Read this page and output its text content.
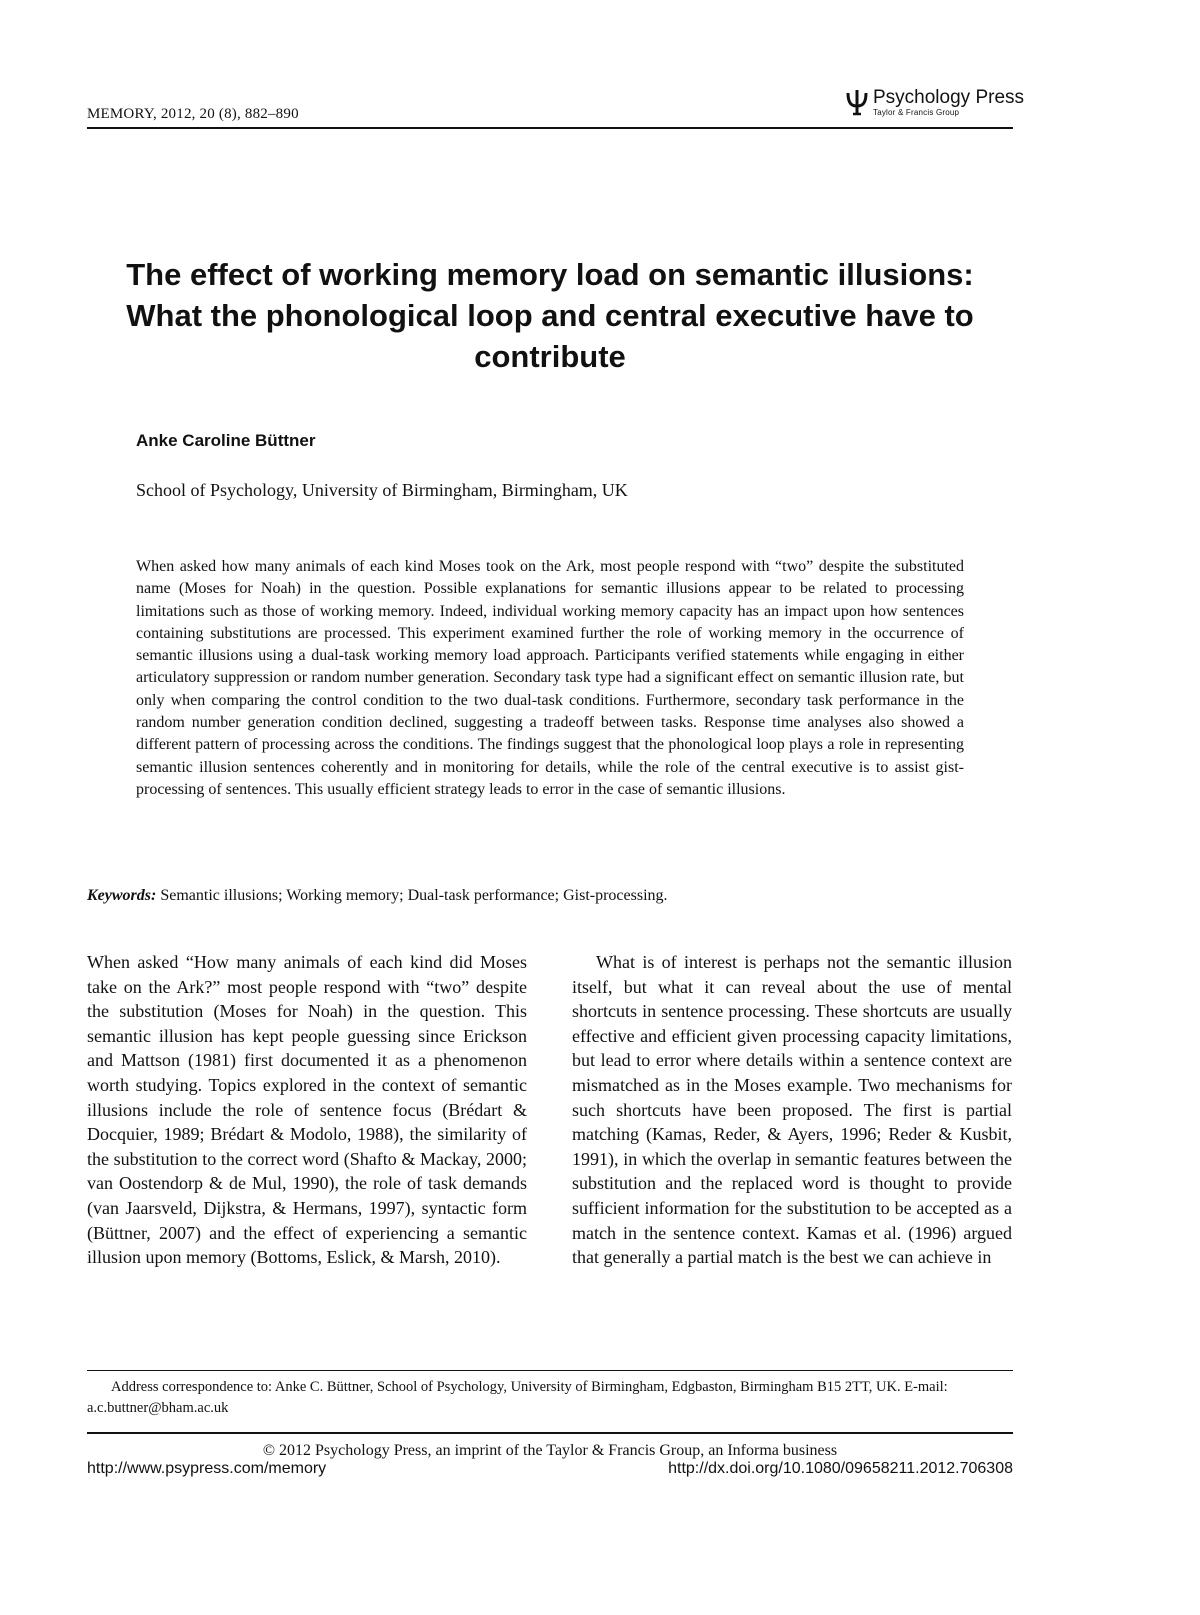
MEMORY, 2012, 20 (8), 882–890
Psychology Press
Taylor & Francis Group
The effect of working memory load on semantic illusions: What the phonological loop and central executive have to contribute
Anke Caroline Büttner
School of Psychology, University of Birmingham, Birmingham, UK

When asked how many animals of each kind Moses took on the Ark, most people respond with “two” despite the substituted name (Moses for Noah) in the question. Possible explanations for semantic illusions appear to be related to processing limitations such as those of working memory. Indeed, individual working memory capacity has an impact upon how sentences containing substitutions are processed. This experiment examined further the role of working memory in the occurrence of semantic illusions using a dual-task working memory load approach. Participants verified statements while engaging in either articulatory suppression or random number generation. Secondary task type had a significant effect on semantic illusion rate, but only when comparing the control condition to the two dual-task conditions. Furthermore, secondary task performance in the random number generation condition declined, suggesting a tradeoff between tasks. Response time analyses also showed a different pattern of processing across the conditions. The findings suggest that the phonological loop plays a role in representing semantic illusion sentences coherently and in monitoring for details, while the role of the central executive is to assist gist-processing of sentences. This usually efficient strategy leads to error in the case of semantic illusions.

Keywords: Semantic illusions; Working memory; Dual-task performance; Gist-processing.

When asked “How many animals of each kind did Moses take on the Ark?” most people respond with “two” despite the substitution (Moses for Noah) in the question. This semantic illusion has kept people guessing since Erickson and Mattson (1981) first documented it as a phenomenon worth studying. Topics explored in the context of semantic illusions include the role of sentence focus (Brédart & Docquier, 1989; Brédart & Modolo, 1988), the similarity of the substitution to the correct word (Shafto & Mackay, 2000; van Oostendorp & de Mul, 1990), the role of task demands (van Jaarsveld, Dijkstra, & Hermans, 1997), syntactic form (Büttner, 2007) and the effect of experiencing a semantic illusion upon memory (Bottoms, Eslick, & Marsh, 2010).

What is of interest is perhaps not the semantic illusion itself, but what it can reveal about the use of mental shortcuts in sentence processing. These shortcuts are usually effective and efficient given processing capacity limitations, but lead to error where details within a sentence context are mismatched as in the Moses example. Two mechanisms for such shortcuts have been proposed. The first is partial matching (Kamas, Reder, & Ayers, 1996; Reder & Kusbit, 1991), in which the overlap in semantic features between the substitution and the replaced word is thought to provide sufficient information for the substitution to be accepted as a match in the sentence context. Kamas et al. (1996) argued that generally a partial match is the best we can achieve in

Address correspondence to: Anke C. Büttner, School of Psychology, University of Birmingham, Edgbaston, Birmingham B15 2TT, UK. E-mail: a.c.buttner@bham.ac.uk

© 2012 Psychology Press, an imprint of the Taylor & Francis Group, an Informa business
http://www.psypress.com/memory	http://dx.doi.org/10.1080/09658211.2012.706308
